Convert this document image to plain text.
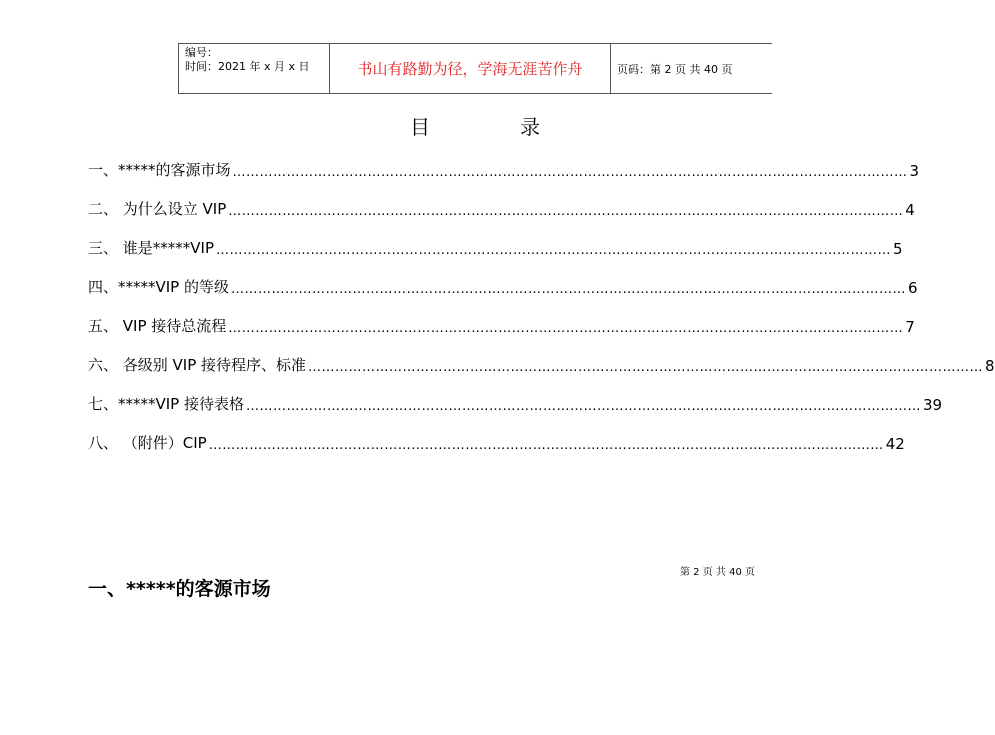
编号：
时间：2021 年 x 月 x 日	书山有路勤为径，学海无涯苦作舟	页码：第 2 页 共 40 页
目	录
一、*****的客源市场 …………………………………………………………………………………………………………………………………… 3
二、 为什么设立 VIP …………………………………………………………………………………………………………………………………… 4
三、 谁是*****VIP …………………………………………………………………………………………………………………………………… 5
四、*****VIP 的等级 …………………………………………………………………………………………………………………………………… 6
五、 VIP 接待总流程 …………………………………………………………………………………………………………………………………… 7
六、 各级别 VIP 接待程序、标准 …………………………………………………………………………………………………………………………………… 8
七、*****VIP 接待表格 …………………………………………………………………………………………………………………………………… 39
八、 （附件）CIP …………………………………………………………………………………………………………………………………… 42
第 2 页 共 40 页
一、*****的客源市场
